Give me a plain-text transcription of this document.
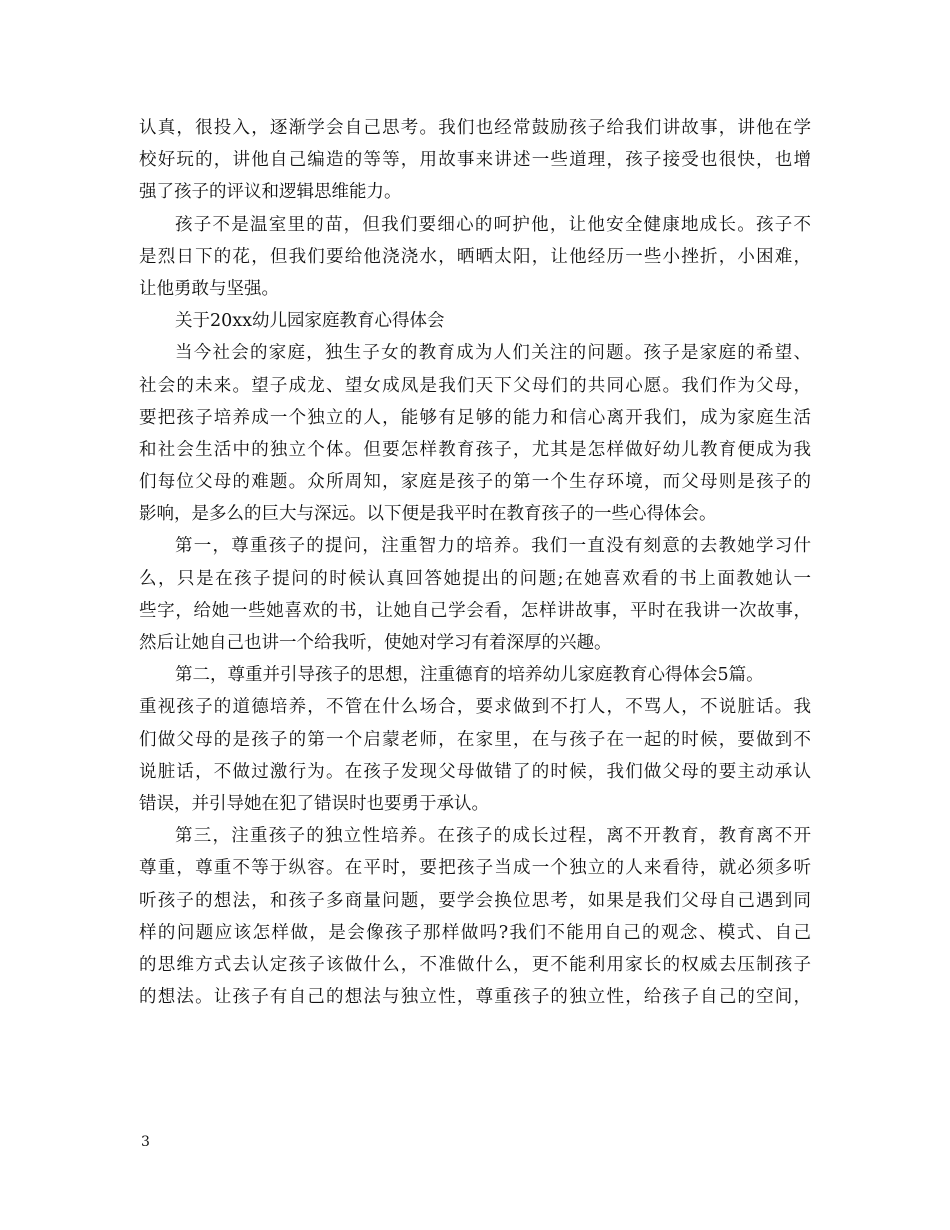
认真，很投入，逐渐学会自己思考。我们也经常鼓励孩子给我们讲故事，讲他在学
校好玩的，讲他自己编造的等等，用故事来讲述一些道理，孩子接受也很快，也增
强了孩子的评议和逻辑思维能力。
孩子不是温室里的苗，但我们要细心的呵护他，让他安全健康地成长。孩子不
是烈日下的花，但我们要给他浇浇水，晒晒太阳，让他经历一些小挫折，小困难，
让他勇敢与坚强。
关于20xx幼儿园家庭教育心得体会
当今社会的家庭，独生子女的教育成为人们关注的问题。孩子是家庭的希望、
社会的未来。望子成龙、望女成凤是我们天下父母们的共同心愿。我们作为父母，
要把孩子培养成一个独立的人，能够有足够的能力和信心离开我们，成为家庭生活
和社会生活中的独立个体。但要怎样教育孩子，尤其是怎样做好幼儿教育便成为我
们每位父母的难题。众所周知，家庭是孩子的第一个生存环境，而父母则是孩子的
影响，是多么的巨大与深远。以下便是我平时在教育孩子的一些心得体会。
第一，尊重孩子的提问，注重智力的培养。我们一直没有刻意的去教她学习什
么，只是在孩子提问的时候认真回答她提出的问题;在她喜欢看的书上面教她认一
些字，给她一些她喜欢的书，让她自己学会看，怎样讲故事，平时在我讲一次故事，
然后让她自己也讲一个给我听，使她对学习有着深厚的兴趣。
第二，尊重并引导孩子的思想，注重德育的培养幼儿家庭教育心得体会5篇。
重视孩子的道德培养，不管在什么场合，要求做到不打人，不骂人，不说脏话。我
们做父母的是孩子的第一个启蒙老师，在家里，在与孩子在一起的时候，要做到不
说脏话，不做过激行为。在孩子发现父母做错了的时候，我们做父母的要主动承认
错误，并引导她在犯了错误时也要勇于承认。
第三，注重孩子的独立性培养。在孩子的成长过程，离不开教育，教育离不开
尊重，尊重不等于纵容。在平时，要把孩子当成一个独立的人来看待，就必须多听
听孩子的想法，和孩子多商量问题，要学会换位思考，如果是我们父母自己遇到同
样的问题应该怎样做，是会像孩子那样做吗?我们不能用自己的观念、模式、自己
的思维方式去认定孩子该做什么，不准做什么，更不能利用家长的权威去压制孩子
的想法。让孩子有自己的想法与独立性，尊重孩子的独立性，给孩子自己的空间，
3
